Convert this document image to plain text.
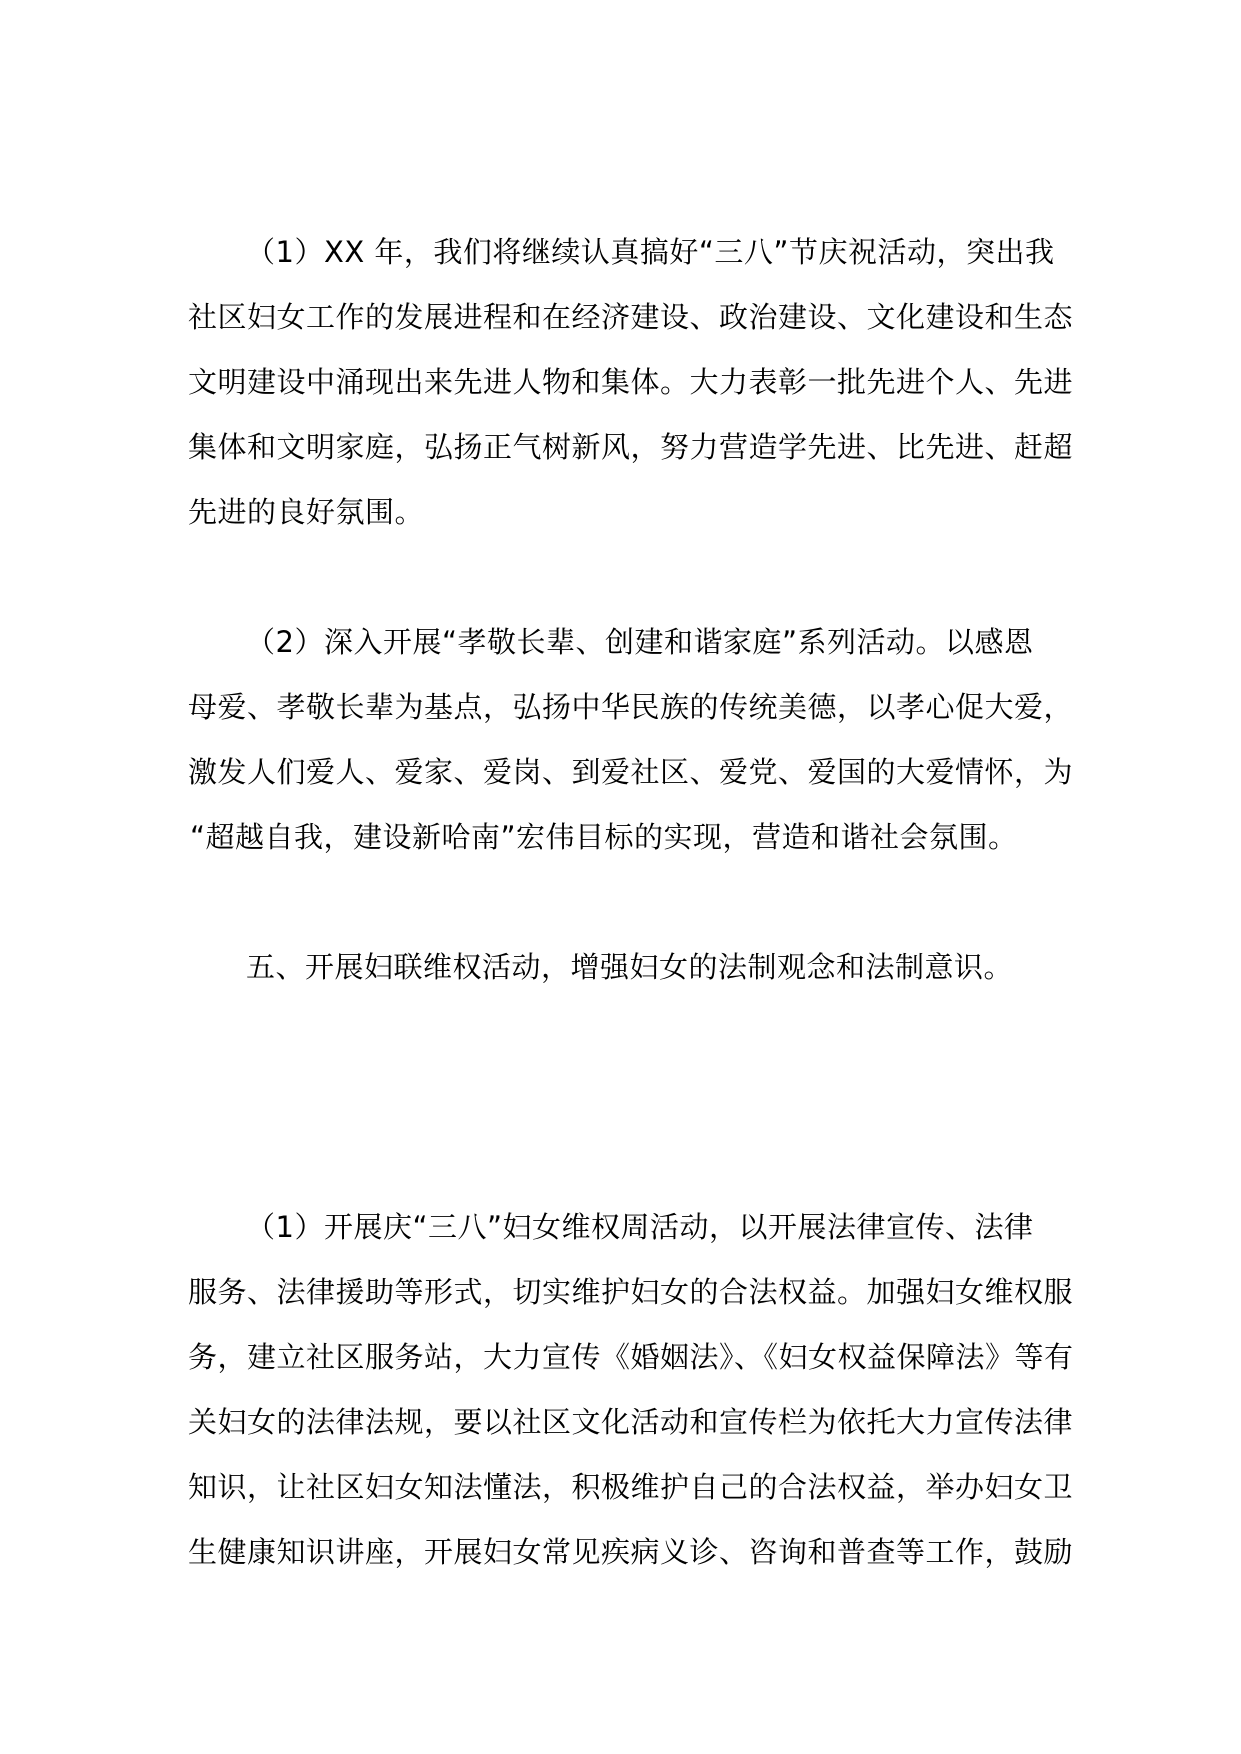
（1）XX 年，我们将继续认真搞好“三八”节庆祝活动，突出我
社区妇女工作的发展进程和在经济建设、政治建设、文化建设和生态
文明建设中涌现出来先进人物和集体。大力表彰一批先进个人、先进
集体和文明家庭，弘扬正气树新风，努力营造学先进、比先进、赶超
先进的良好氛围。
（2）深入开展“孝敬长辈、创建和谐家庭”系列活动。以感恩
母爱、孝敬长辈为基点，弘扬中华民族的传统美德，以孝心促大爱，
激发人们爱人、爱家、爱岗、到爱社区、爱党、爱国的大爱情怀，为
“超越自我，建设新哈南”宏伟目标的实现，营造和谐社会氛围。
五、开展妇联维权活动，增强妇女的法制观念和法制意识。
（1）开展庆“三八”妇女维权周活动，以开展法律宣传、法律
服务、法律援助等形式，切实维护妇女的合法权益。加强妇女维权服
务，建立社区服务站，大力宣传《婚姻法》、《妇女权益保障法》等有
关妇女的法律法规，要以社区文化活动和宣传栏为依托大力宣传法律
知识，让社区妇女知法懂法，积极维护自己的合法权益，举办妇女卫
生健康知识讲座，开展妇女常见疾病义诊、咨询和普查等工作，鼓励
